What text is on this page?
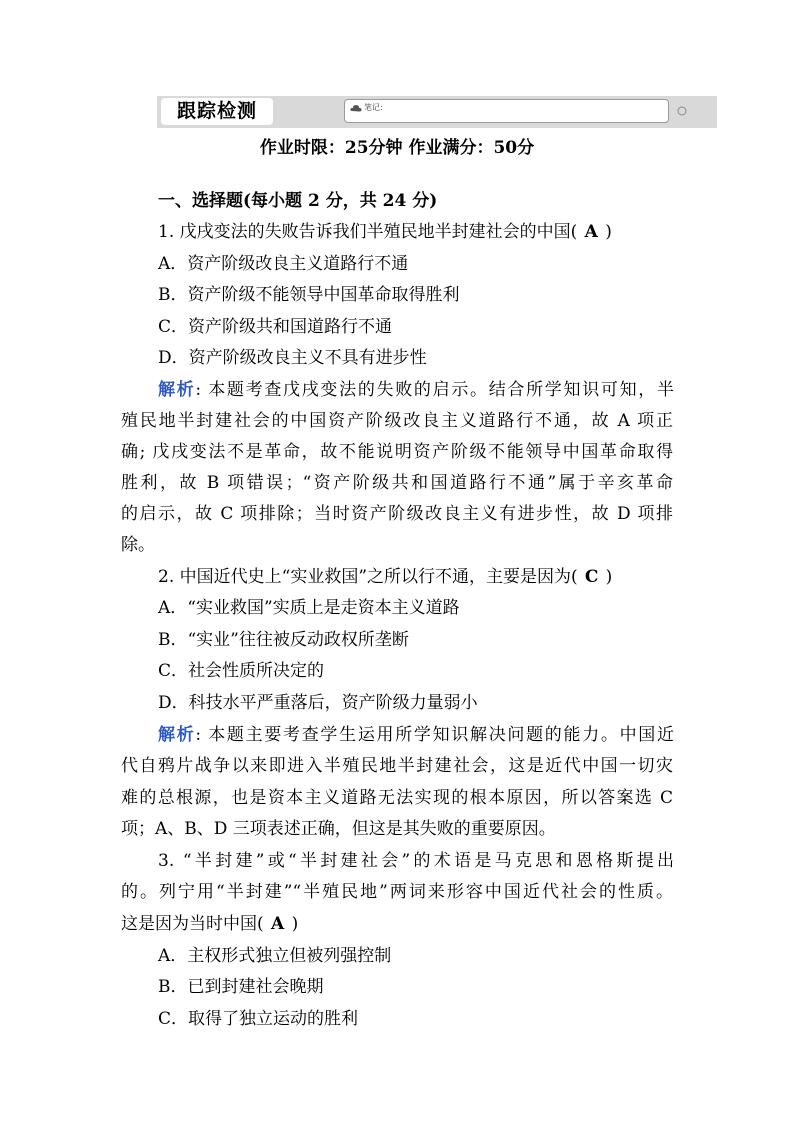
跟踪检测	笔记:
作业时限：25分钟 作业满分：50分
一、选择题(每小题 2 分，共 24 分)
1. 戊戌变法的失败告诉我们半殖民地半封建社会的中国( A )
A．资产阶级改良主义道路行不通
B．资产阶级不能领导中国革命取得胜利
C．资产阶级共和国道路行不通
D．资产阶级改良主义不具有进步性
解析: 本题考查戊戌变法的失败的启示。结合所学知识可知，半
殖民地半封建社会的中国资产阶级改良主义道路行不通，故 A 项正
确; 戊戌变法不是革命，故不能说明资产阶级不能领导中国革命取得
胜利，故 B 项错误；“资产阶级共和国道路行不通”属于辛亥革命
的启示，故 C 项排除；当时资产阶级改良主义有进步性，故 D 项排
除。
2. 中国近代史上“实业救国”之所以行不通，主要是因为( C )
A．“实业救国”实质上是走资本主义道路
B．“实业”往往被反动政权所垄断
C．社会性质所决定的
D．科技水平严重落后，资产阶级力量弱小
解析: 本题主要考查学生运用所学知识解决问题的能力。中国近
代自鸦片战争以来即进入半殖民地半封建社会，这是近代中国一切灾
难的总根源，也是资本主义道路无法实现的根本原因，所以答案选 C
项；A、B、D 三项表述正确，但这是其失败的重要原因。
3. “半封建”或“半封建社会”的术语是马克思和恩格斯提出
的。列宁用“半封建”“半殖民地”两词来形容中国近代社会的性质。
这是因为当时中国( A )
A．主权形式独立但被列强控制
B．已到封建社会晚期
C．取得了独立运动的胜利
